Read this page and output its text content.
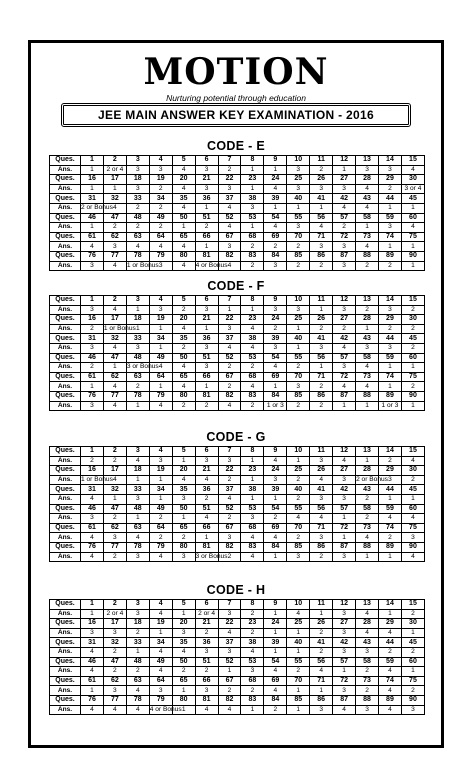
MOTION
Nurturing potential through education
JEE MAIN ANSWER KEY EXAMINATION - 2016
CODE - E
Ques.	1	2	3	4	5	6	7	8	9	10	11	12	13	14	15
Ans.	1	2 or 4	3	3	4	3	2	1	1	3	2	1	3	3	4
Ques.	16	17	18	19	20	21	22	23	24	25	26	27	28	29	30
Ans.	1	1	3	2	4	3	3	1	4	3	3	3	4	2	3 or 4
Ques.	31	32	33	34	35	36	37	38	39	40	41	42	43	44	45
Ans.	2 or Bonus	4	2	2	4	1	4	3	1	1	1	4	4	1	1
Ques.	46	47	48	49	50	51	52	53	54	55	56	57	58	59	60
Ans.	1	2	2	2	1	2	4	1	4	3	4	2	1	3	4
Ques.	61	62	63	64	65	66	67	68	69	70	71	72	73	74	75
Ans.	4	3	4	4	4	1	3	2	2	2	3	3	4	1	1
Ques.	76	77	78	79	80	81	82	83	84	85	86	87	88	89	90
Ans.	3	4	1 or Bonus	3	4	4 or Bonus	4	2	3	2	2	3	2	2	1
CODE - F
Ques.	1	2	3	4	5	6	7	8	9	10	11	12	13	14	15
Ans.	3	4	1	3	2	3	1	1	3	3	1	3	2	3	2
Ques.	16	17	18	19	20	21	22	23	24	25	26	27	28	29	30
Ans.	2	1 or Bonus	1	1	4	1	3	4	2	1	2	2	1	2	2
Ques.	31	32	33	34	35	36	37	38	39	40	41	42	43	44	45
Ans.	3	4	3	1	2	3	4	4	3	1	3	4	3	3	2
Ques.	46	47	48	49	50	51	52	53	54	55	56	57	58	59	60
Ans.	2	1	3 or Bonus	4	4	3	2	2	4	2	1	3	4	1	1
Ques.	61	62	63	64	65	66	67	68	69	70	71	72	73	74	75
Ans.	1	4	2	1	4	1	2	4	1	3	2	4	4	1	2
Ques.	76	77	78	79	80	81	82	83	84	85	86	87	88	89	90
Ans.	3	4	1	4	2	2	4	2	1 or 3	2	2	1	1	1 or 3	1
CODE - G
Ques.	1	2	3	4	5	6	7	8	9	10	11	12	13	14	15
Ans.	2	2	4	3	1	3	3	1	4	1	3	4	1	2	4
Ques.	16	17	18	19	20	21	22	23	24	25	26	27	28	29	30
Ans.	1 or Bonus	4	1	1	4	4	2	1	3	2	4	3	2 or Bonus	3	2
Ques.	31	32	33	34	35	36	37	38	39	40	41	42	43	44	45
Ans.	4	1	3	1	3	2	4	1	1	2	3	3	2	1	1
Ques.	46	47	48	49	50	51	52	53	54	55	56	57	58	59	60
Ans.	3	2	1	2	1	4	2	3	2	4	4	1	2	4	4
Ques.	61	62	63	64	65	66	67	68	69	70	71	72	73	74	75
Ans.	4	3	4	2	2	1	3	4	4	2	3	1	4	2	3
Ques.	76	77	78	79	80	81	82	83	84	85	86	87	88	89	90
Ans.	4	2	3	4	3	3 or Bonus	2	4	1	3	2	3	1	1	4
CODE - H
Ques.	1	2	3	4	5	6	7	8	9	10	11	12	13	14	15
Ans.	1	2 or 4	3	4	1	2 or 4	3	2	1	4	1	3	4	1	2
Ques.	16	17	18	19	20	21	22	23	24	25	26	27	28	29	30
Ans.	3	3	2	1	3	2	4	2	1	1	2	3	4	4	1
Ques.	31	32	33	34	35	36	37	38	39	40	41	42	43	44	45
Ans.	4	2	1	4	4	3	3	4	1	1	2	3	3	2	2
Ques.	46	47	48	49	50	51	52	53	54	55	56	57	58	59	60
Ans.	4	2	2	4	2	2	1	3	4	2	4	1	2	4	1
Ques.	61	62	63	64	65	66	67	68	69	70	71	72	73	74	75
Ans.	1	3	4	3	1	3	2	2	4	1	1	3	2	4	2
Ques.	76	77	78	79	80	81	82	83	84	85	86	87	88	89	90
Ans.	4	4	4	4 or Bonus	1	4	4	1	2	1	3	4	3	4	3
